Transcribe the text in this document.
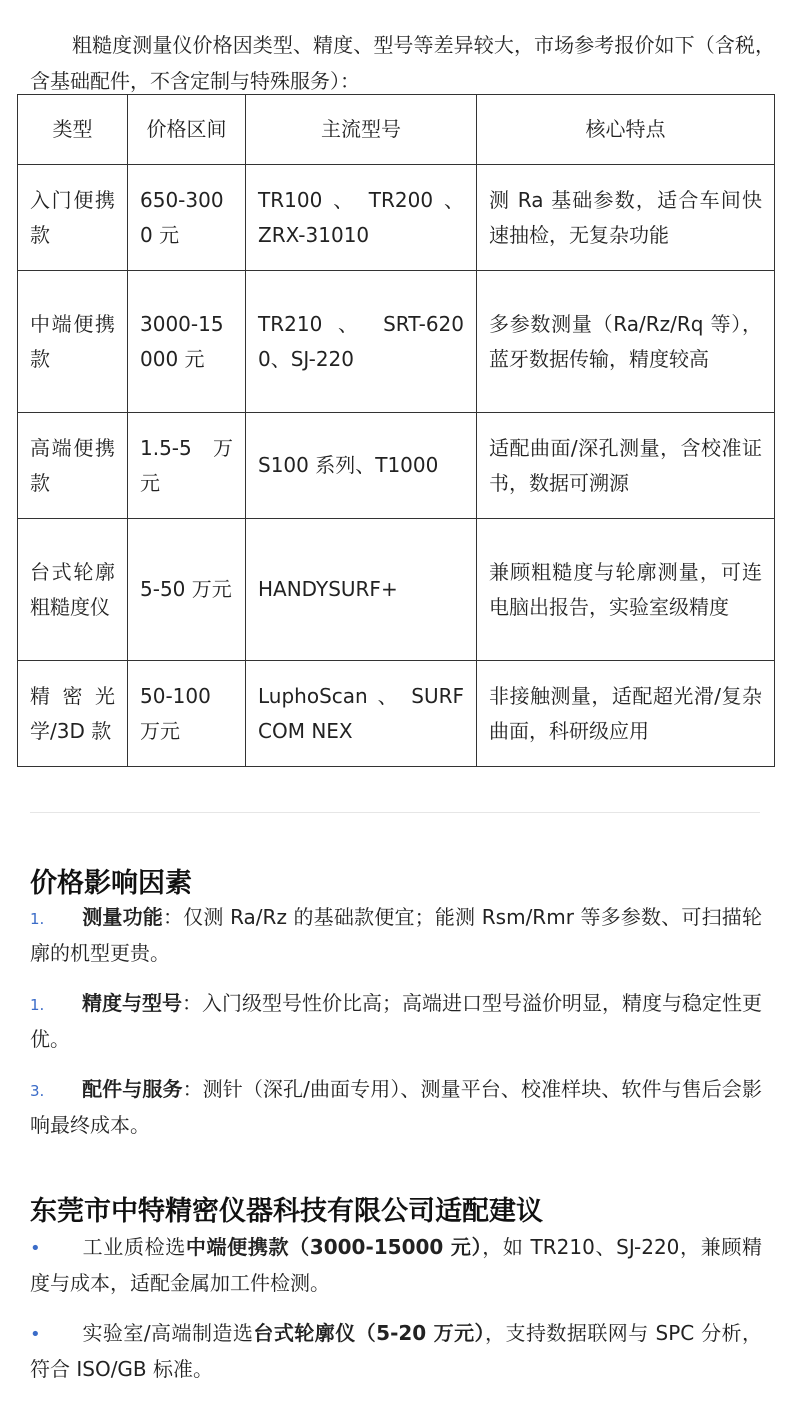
粗糙度测量仪价格因类型、精度、型号等差异较大，市场参考报价如下（含税，含基础配件，不含定制与特殊服务）：

类型	价格区间	主流型号	核心特点
入门便携款	650-3000 元	TR100 、 TR200 、 ZRX-31010	测 Ra 基础参数，适合车间快速抽检，无复杂功能
中端便携款	3000-15000 元	TR210 、 SRT-6200、SJ-220	多参数测量（Ra/Rz/Rq 等），蓝牙数据传输，精度较高
高端便携款	1.5-5 万元	S100 系列、T1000	适配曲面/深孔测量，含校准证书，数据可溯源
台式轮廓粗糙度仪	5-50 万元	HANDYSURF+	兼顾粗糙度与轮廓测量，可连电脑出报告，实验室级精度
精密光学/3D 款	50-100 万元	LuphoScan 、 SURFCOM NEX	非接触测量，适配超光滑/复杂曲面，科研级应用
价格影响因素
1. 测量功能：仅测 Ra/Rz 的基础款便宜；能测 Rsm/Rmr 等多参数、可扫描轮廓的机型更贵。
1. 精度与型号：入门级型号性价比高；高端进口型号溢价明显，精度与稳定性更优。
3. 配件与服务：测针（深孔/曲面专用）、测量平台、校准样块、软件与售后会影响最终成本。
东莞市中特精密仪器科技有限公司适配建议
• 工业质检选中端便携款（3000-15000 元），如 TR210、SJ-220，兼顾精度与成本，适配金属加工件检测。
• 实验室/高端制造选台式轮廓仪（5-20 万元），支持数据联网与 SPC 分析，符合 ISO/GB 标准。
